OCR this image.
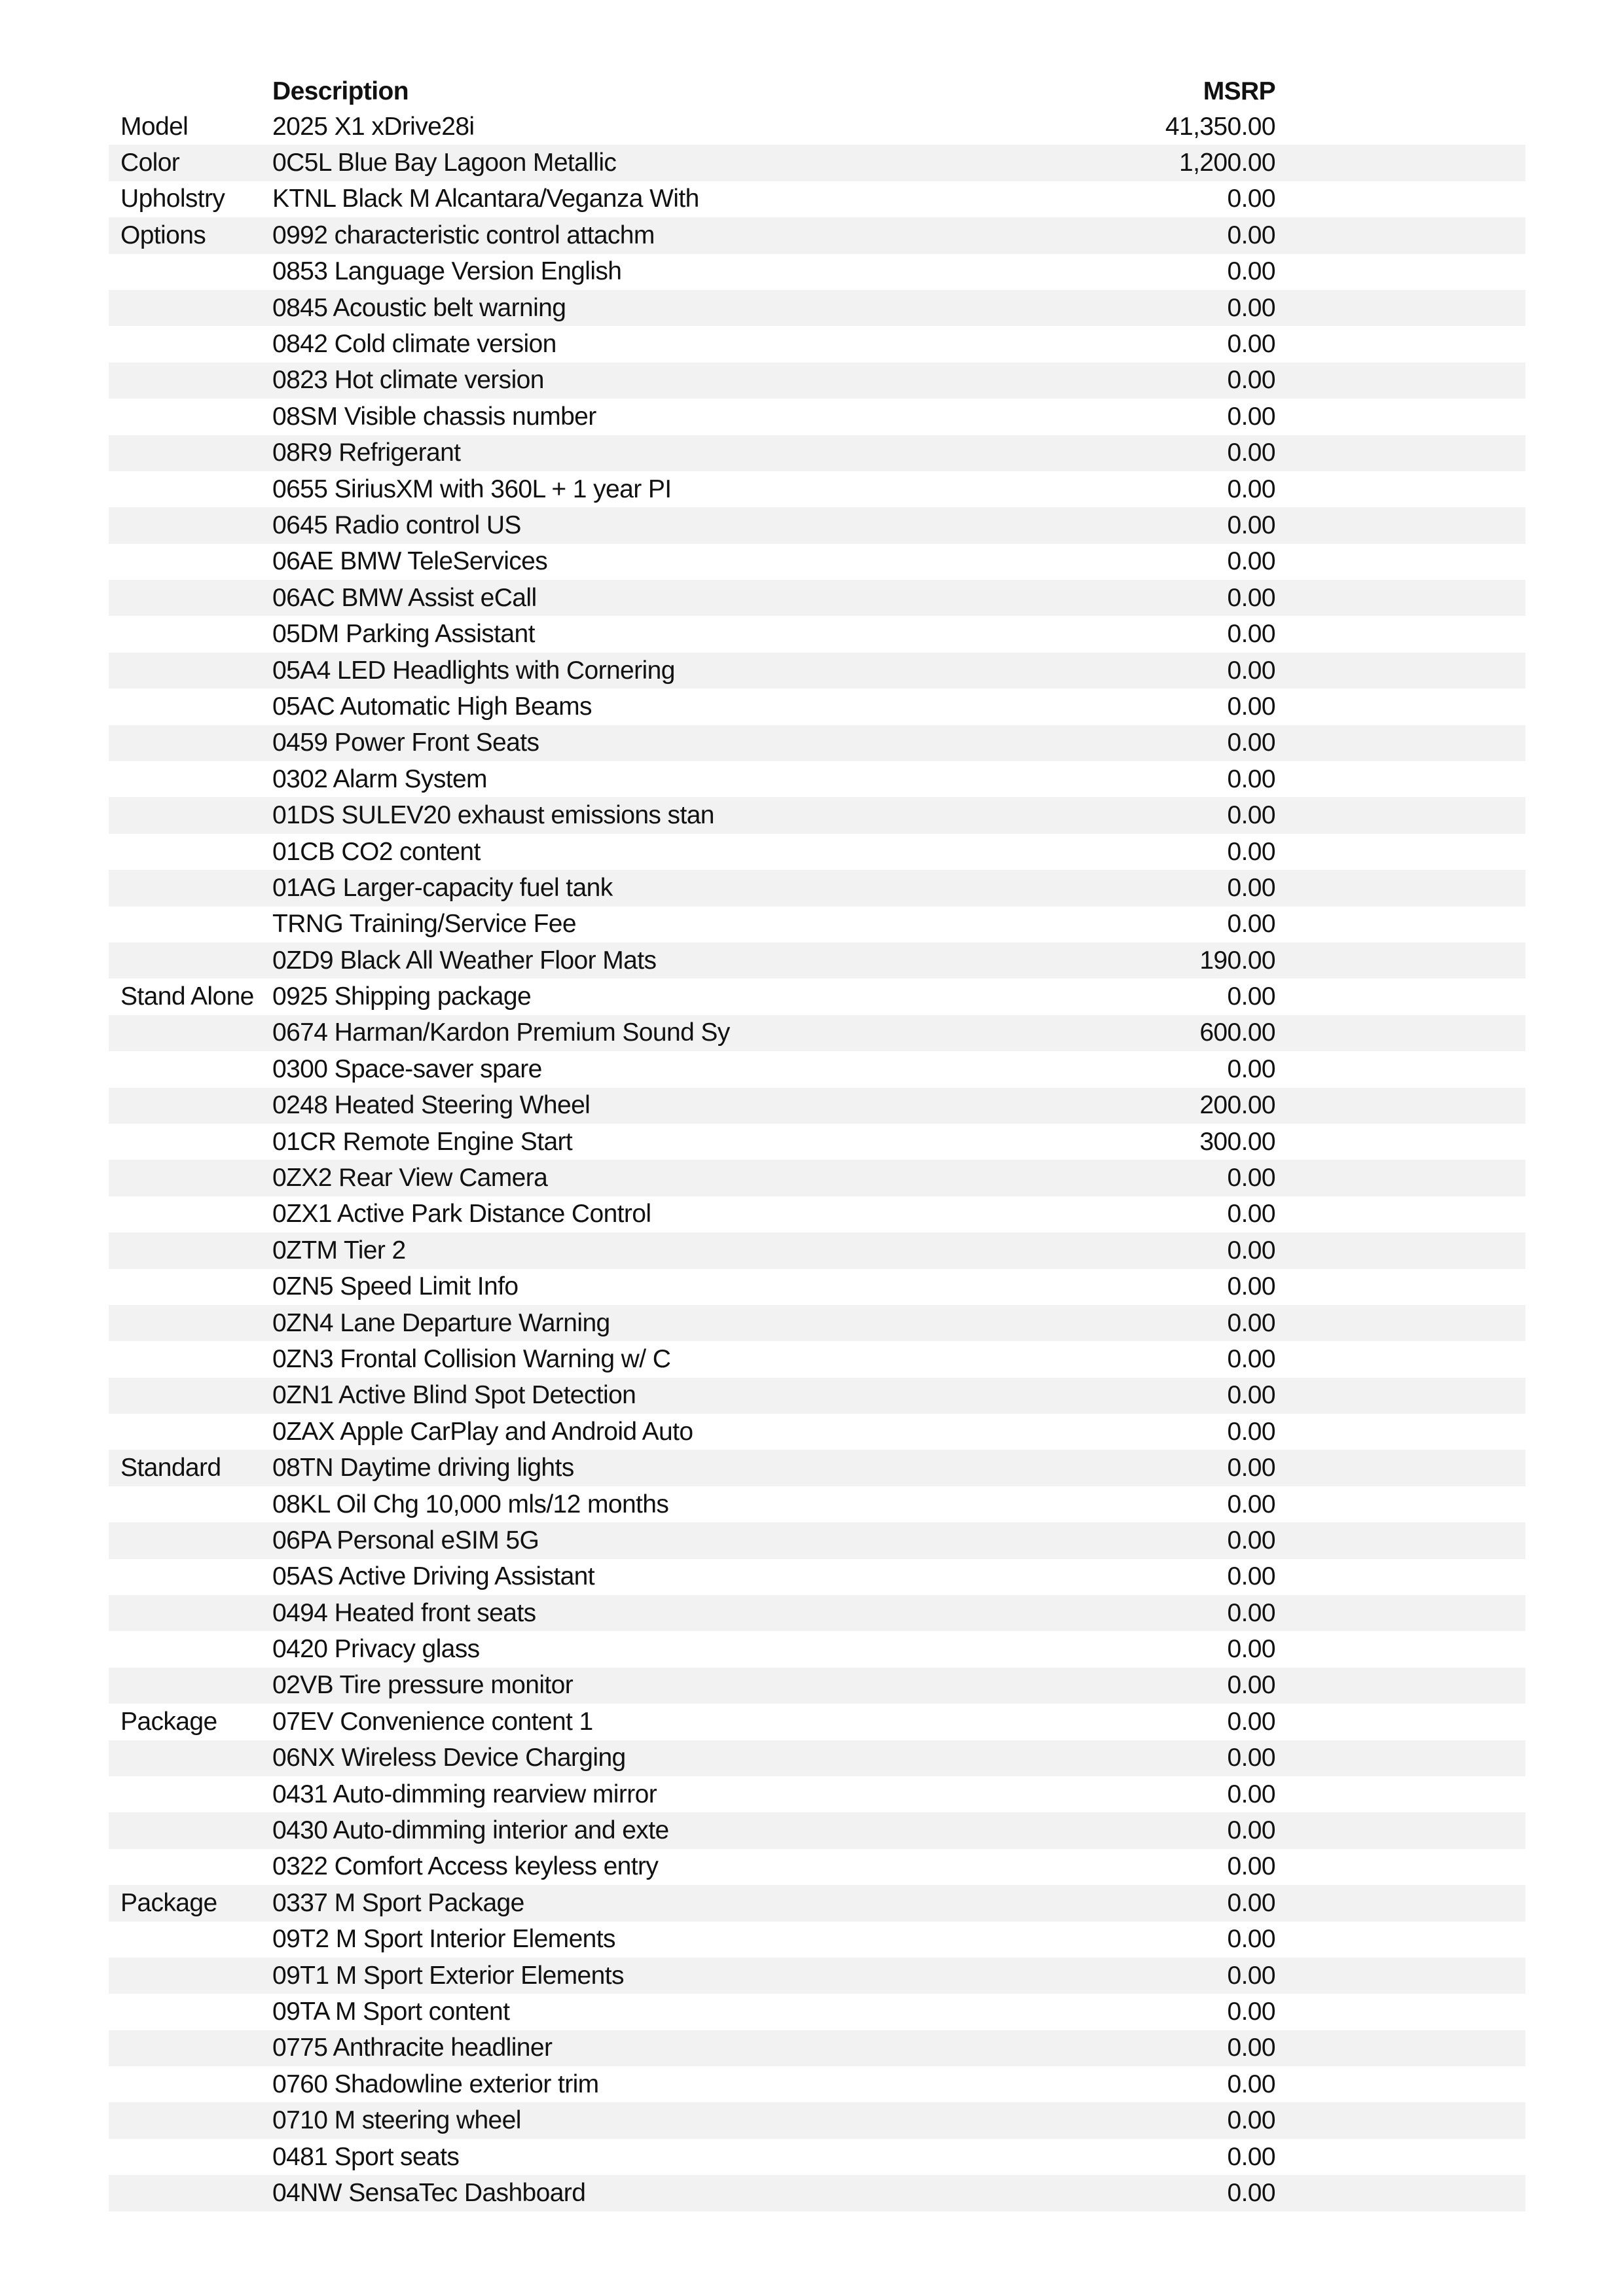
Description	MSRP
Model	2025 X1 xDrive28i	41,350.00
Color	0C5L Blue Bay Lagoon Metallic	1,200.00
Upholstry	KTNL Black M Alcantara/Veganza With	0.00
Options	0992 characteristic control attachm	0.00
0853 Language Version English	0.00
0845 Acoustic belt warning	0.00
0842 Cold climate version	0.00
0823 Hot climate version	0.00
08SM Visible chassis number	0.00
08R9 Refrigerant	0.00
0655 SiriusXM with 360L + 1 year PI	0.00
0645 Radio control US	0.00
06AE BMW TeleServices	0.00
06AC BMW Assist eCall	0.00
05DM Parking Assistant	0.00
05A4 LED Headlights with Cornering	0.00
05AC Automatic High Beams	0.00
0459 Power Front Seats	0.00
0302 Alarm System	0.00
01DS SULEV20 exhaust emissions stan	0.00
01CB CO2 content	0.00
01AG Larger-capacity fuel tank	0.00
TRNG Training/Service Fee	0.00
0ZD9 Black All Weather Floor Mats	190.00
Stand Alone 0925 Shipping package	0.00
0674 Harman/Kardon Premium Sound Sy	600.00
0300 Space-saver spare	0.00
0248 Heated Steering Wheel	200.00
01CR Remote Engine Start	300.00
0ZX2 Rear View Camera	0.00
0ZX1 Active Park Distance Control	0.00
0ZTM Tier 2	0.00
0ZN5 Speed Limit Info	0.00
0ZN4 Lane Departure Warning	0.00
0ZN3 Frontal Collision Warning w/ C	0.00
0ZN1 Active Blind Spot Detection	0.00
0ZAX Apple CarPlay and Android Auto	0.00
Standard	08TN Daytime driving lights	0.00
08KL Oil Chg 10,000 mls/12 months	0.00
06PA Personal eSIM 5G	0.00
05AS Active Driving Assistant	0.00
0494 Heated front seats	0.00
0420 Privacy glass	0.00
02VB Tire pressure monitor	0.00
Package	07EV Convenience content 1	0.00
06NX Wireless Device Charging	0.00
0431 Auto-dimming rearview mirror	0.00
0430 Auto-dimming interior and exte	0.00
0322 Comfort Access keyless entry	0.00
Package	0337 M Sport Package	0.00
09T2 M Sport Interior Elements	0.00
09T1 M Sport Exterior Elements	0.00
09TA M Sport content	0.00
0775 Anthracite headliner	0.00
0760 Shadowline exterior trim	0.00
0710 M steering wheel	0.00
0481 Sport seats	0.00
04NW SensaTec Dashboard	0.00
